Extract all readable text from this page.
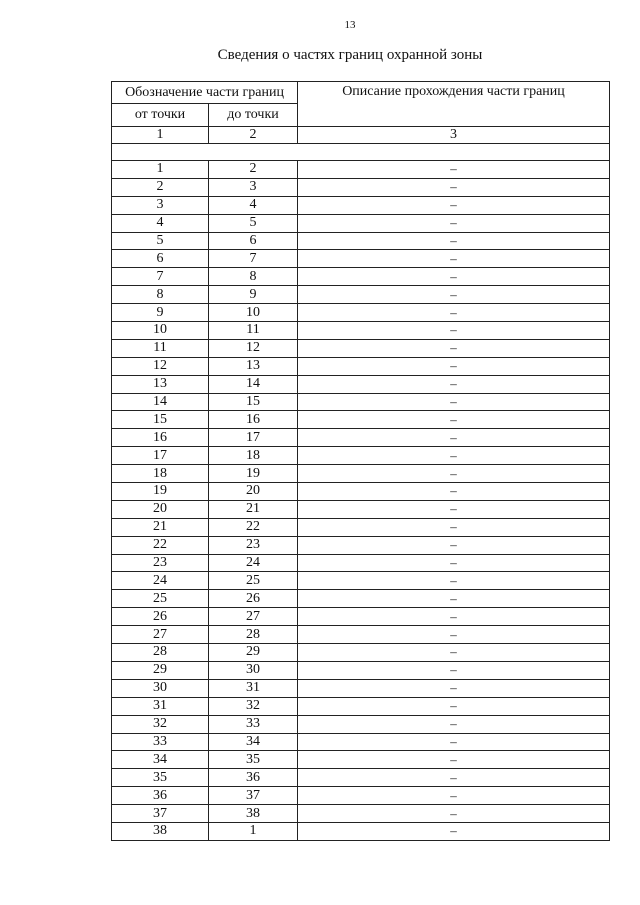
13
Сведения о частях границ охранной зоны
Обозначение части границ		Описание прохождения части границ
от точки	до точки	
1	2	3

1	2	–
2	3	–
3	4	–
4	5	–
5	6	–
6	7	–
7	8	–
8	9	–
9	10	–
10	11	–
11	12	–
12	13	–
13	14	–
14	15	–
15	16	–
16	17	–
17	18	–
18	19	–
19	20	–
20	21	–
21	22	–
22	23	–
23	24	–
24	25	–
25	26	–
26	27	–
27	28	–
28	29	–
29	30	–
30	31	–
31	32	–
32	33	–
33	34	–
34	35	–
35	36	–
36	37	–
37	38	–
38	1	–
